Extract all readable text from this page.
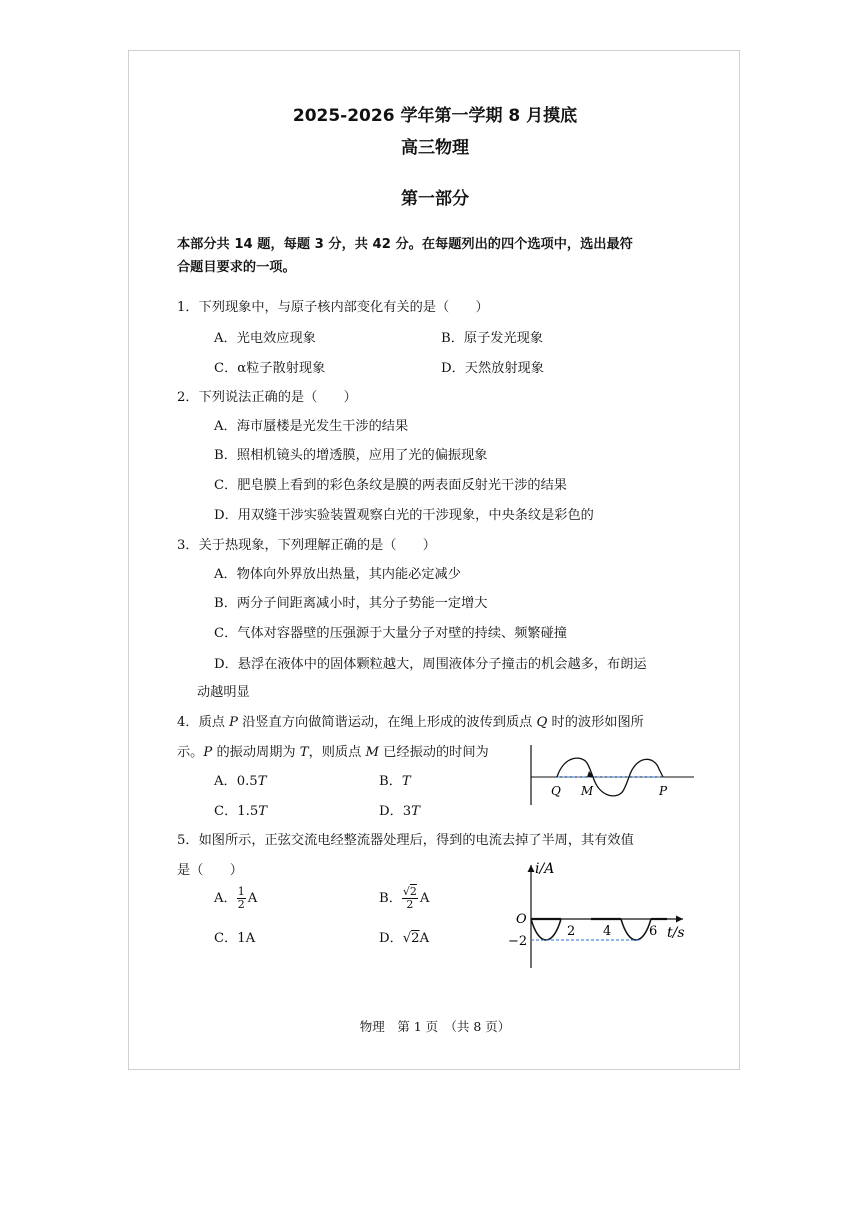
2025-2026 学年第一学期 8 月摸底
高三物理
第一部分
本部分共 14 题，每题 3 分，共 42 分。在每题列出的四个选项中，选出最符
合题目要求的一项。
1．下列现象中，与原子核内部变化有关的是（　　）
A．光电效应现象	B．原子发光现象
C．α粒子散射现象	D．天然放射现象
2．下列说法正确的是（　　）
A．海市蜃楼是光发生干涉的结果
B．照相机镜头的增透膜，应用了光的偏振现象
C．肥皂膜上看到的彩色条纹是膜的两表面反射光干涉的结果
D．用双缝干涉实验装置观察白光的干涉现象，中央条纹是彩色的
3．关于热现象，下列理解正确的是（　　）
A．物体向外界放出热量，其内能必定减少
B．两分子间距离减小时，其分子势能一定增大
C．气体对容器壁的压强源于大量分子对壁的持续、频繁碰撞
D．悬浮在液体中的固体颗粒越大，周围液体分子撞击的机会越多，布朗运
动越明显
4．质点 P 沿竖直方向做简谐运动，在绳上形成的波传到质点 Q 时的波形如图所
示。P 的振动周期为 T，则质点 M 已经振动的时间为
A．0.5T	B．T
C．1.5T	D．3T
Q M	P
5．如图所示，正弦交流电经整流器处理后，得到的电流去掉了半周，其有效值
是（　　）
A． $\frac{1}{2}$ A	B． $\frac{√2}{2}$ A
C．1A	D．√2A
i/A
O
t/s
2 4	6
−2
物理　第 1 页　（共 8 页）
